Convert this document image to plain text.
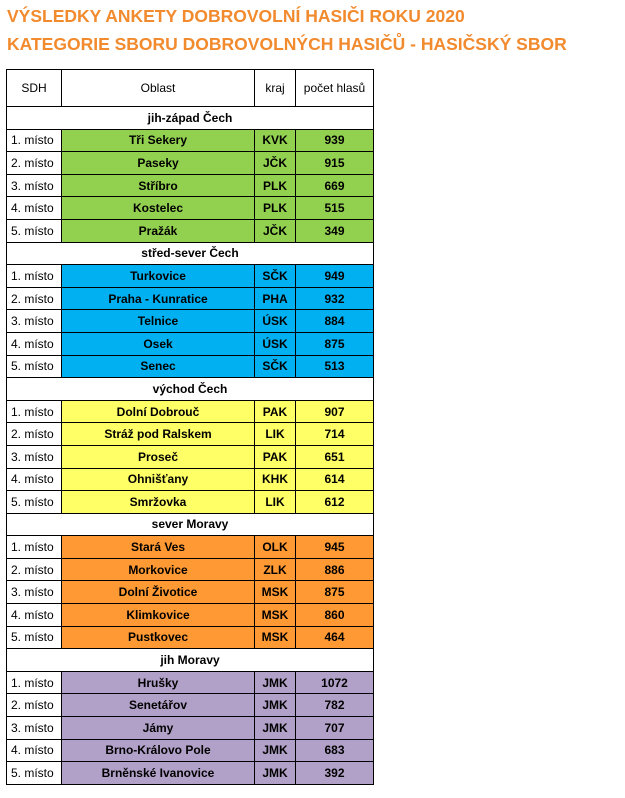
VÝSLEDKY ANKETY DOBROVOLNÍ HASIČI ROKU 2020
KATEGORIE SBORU DOBROVOLNÝCH HASIČŮ - HASIČSKÝ SBOR
SDH	Oblast	kraj	počet hlasů
jih-západ Čech			
1. místo	Tři Sekery	KVK	939
2. místo	Paseky	JČK	915
3. místo	Stříbro	PLK	669
4. místo	Kostelec	PLK	515
5. místo	Pražák	JČK	349
střed-sever Čech			
1. místo	Turkovice	SČK	949
2. místo	Praha - Kunratice	PHA	932
3. místo	Telnice	ÚSK	884
4. místo	Osek	ÚSK	875
5. místo	Senec	SČK	513
východ Čech			
1. místo	Dolní Dobrouč	PAK	907
2. místo	Stráž pod Ralskem	LIK	714
3. místo	Proseč	PAK	651
4. místo	Ohnišťany	KHK	614
5. místo	Smržovka	LIK	612
sever Moravy			
1. místo	Stará Ves	OLK	945
2. místo	Morkovice	ZLK	886
3. místo	Dolní Životice	MSK	875
4. místo	Klimkovice	MSK	860
5. místo	Pustkovec	MSK	464
jih Moravy			
1. místo	Hrušky	JMK	1072
2. místo	Senetářov	JMK	782
3. místo	Jámy	JMK	707
4. místo	Brno-Královo Pole	JMK	683
5. místo	Brněnské Ivanovice	JMK	392
